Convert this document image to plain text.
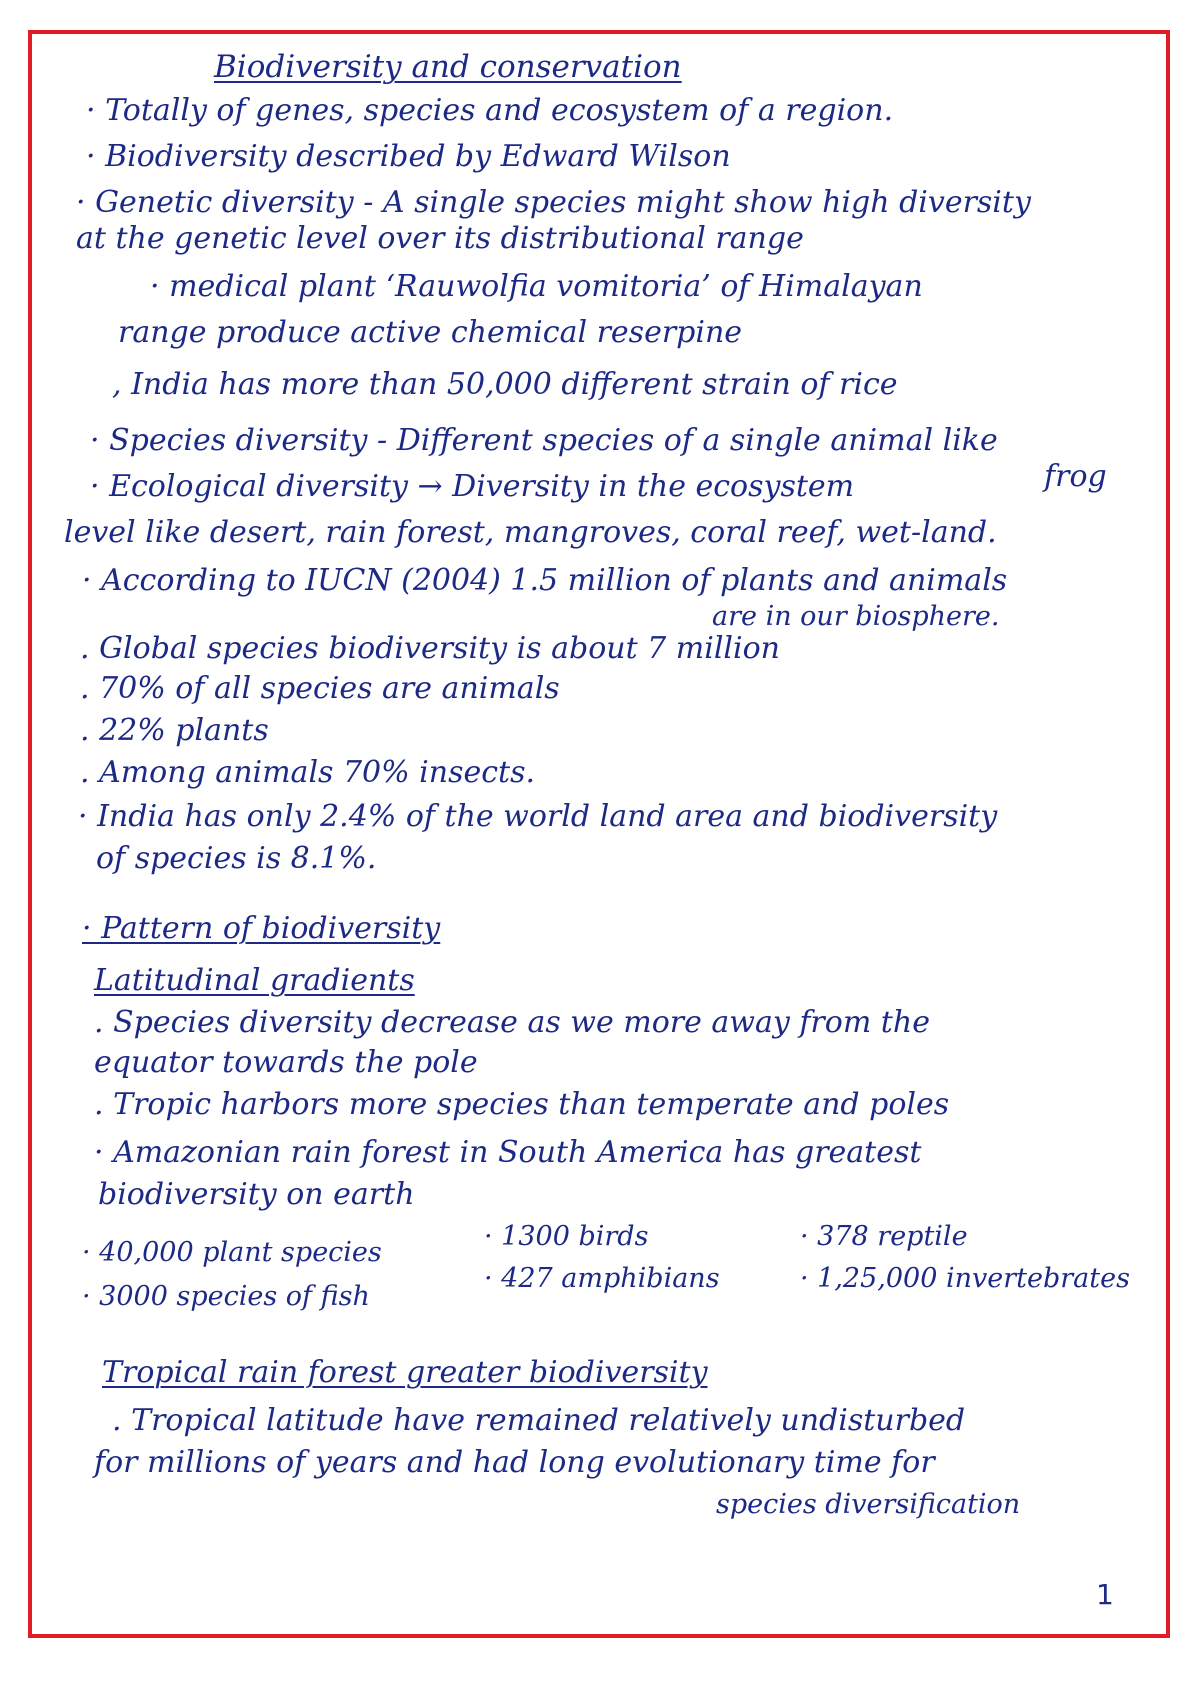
Biodiversity and conservation
· Totally of genes, species and ecosystem of a region.
· Biodiversity described by Edward Wilson
· Genetic diversity - A single species might show high diversity
at the genetic level over its distributional range
· medical plant ‘Rauwolfia vomitoria’ of Himalayan
range produce active chemical reserpine
, India has more than 50,000 different strain of rice
· Species diversity - Different species of a single animal like
frog
· Ecological diversity → Diversity in the ecosystem
level like desert, rain forest, mangroves, coral reef, wet-land.
· According to IUCN (2004) 1.5 million of plants and animals
are in our biosphere.
. Global species biodiversity is about 7 million
. 70% of all species are animals
. 22% plants
. Among animals 70% insects.
· India has only 2.4% of the world land area and biodiversity
of species is 8.1%.
· Pattern of biodiversity
Latitudinal gradients
. Species diversity decrease as we more away from the
equator towards the pole
. Tropic harbors more species than temperate and poles
· Amazonian rain forest in South America has greatest
biodiversity on earth
· 40,000 plant species
· 1300 birds	· 378 reptile
· 3000 species of fish
· 427 amphibians	· 1,25,000 invertebrates
Tropical rain forest greater biodiversity
. Tropical latitude have remained relatively undisturbed
for millions of years and had long evolutionary time for
species diversification
1
